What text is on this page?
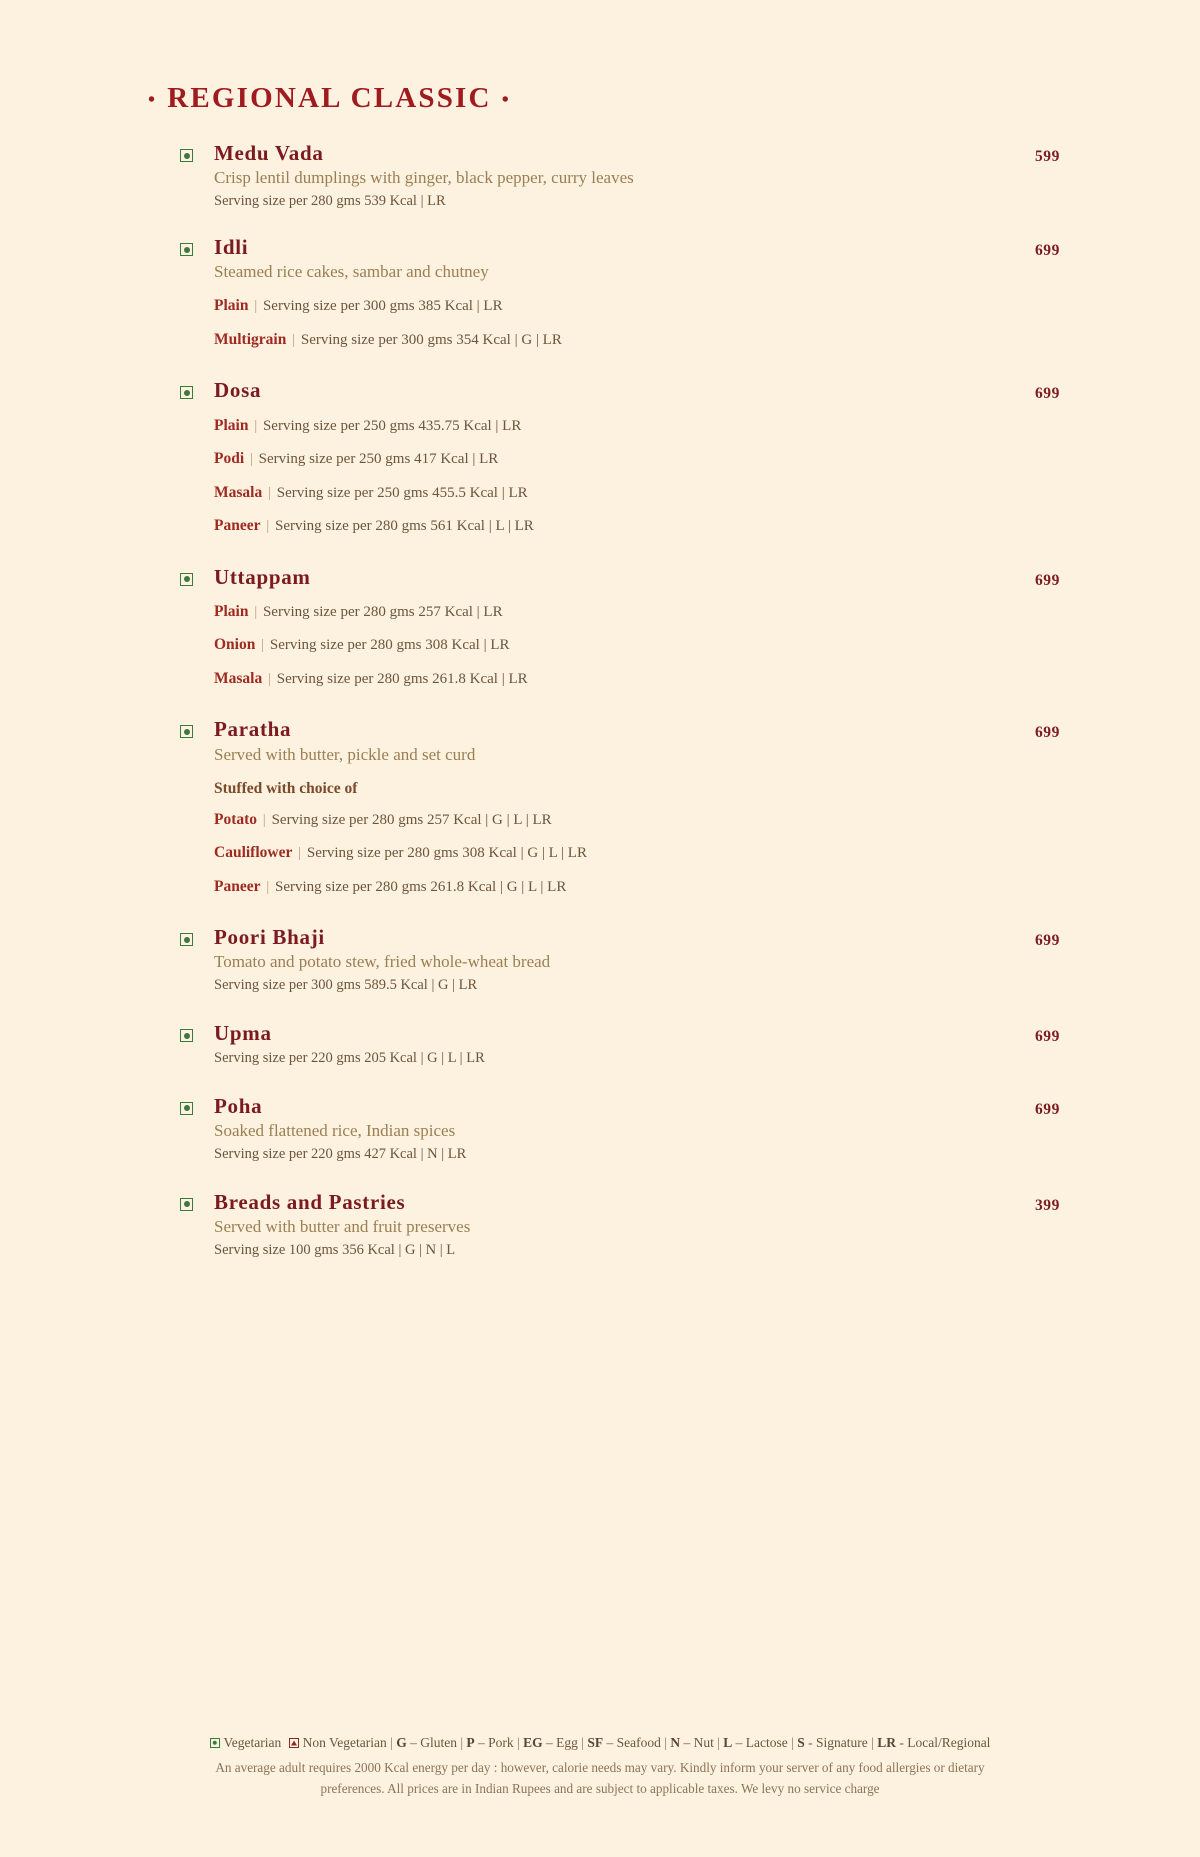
• REGIONAL CLASSIC •
599
Medu Vada
Crisp lentil dumplings with ginger, black pepper, curry leaves
Serving size per 280 gms 539 Kcal | LR
699
Idli
Steamed rice cakes, sambar and chutney
Plain | Serving size per 300 gms 385 Kcal | LR
Multigrain | Serving size per 300 gms 354 Kcal | G | LR
699
Dosa
Plain | Serving size per 250 gms 435.75 Kcal | LR
Podi | Serving size per 250 gms 417 Kcal | LR
Masala | Serving size per 250 gms 455.5 Kcal | LR
Paneer | Serving size per 280 gms 561 Kcal | L | LR
699
Uttappam
Plain | Serving size per 280 gms 257 Kcal | LR
Onion | Serving size per 280 gms 308 Kcal | LR
Masala | Serving size per 280 gms 261.8 Kcal | LR
699
Paratha
Served with butter, pickle and set curd
Stuffed with choice of
Potato | Serving size per 280 gms 257 Kcal | G | L | LR
Cauliflower | Serving size per 280 gms 308 Kcal | G | L | LR
Paneer | Serving size per 280 gms 261.8 Kcal | G | L | LR
699
Poori Bhaji
Tomato and potato stew, fried whole-wheat bread
Serving size per 300 gms 589.5 Kcal | G | LR
699
Upma
Serving size per 220 gms 205 Kcal | G | L | LR
699
Poha
Soaked flattened rice, Indian spices
Serving size per 220 gms 427 Kcal | N | LR
399
Breads and Pastries
Served with butter and fruit preserves
Serving size 100 gms 356 Kcal | G | N | L
Vegetarian Non Vegetarian | G – Gluten | P – Pork | EG – Egg | SF – Seafood | N – Nut | L – Lactose | S - Signature | LR - Local/Regional
An average adult requires 2000 Kcal energy per day : however, calorie needs may vary. Kindly inform your server of any food allergies or dietary
preferences. All prices are in Indian Rupees and are subject to applicable taxes. We levy no service charge
